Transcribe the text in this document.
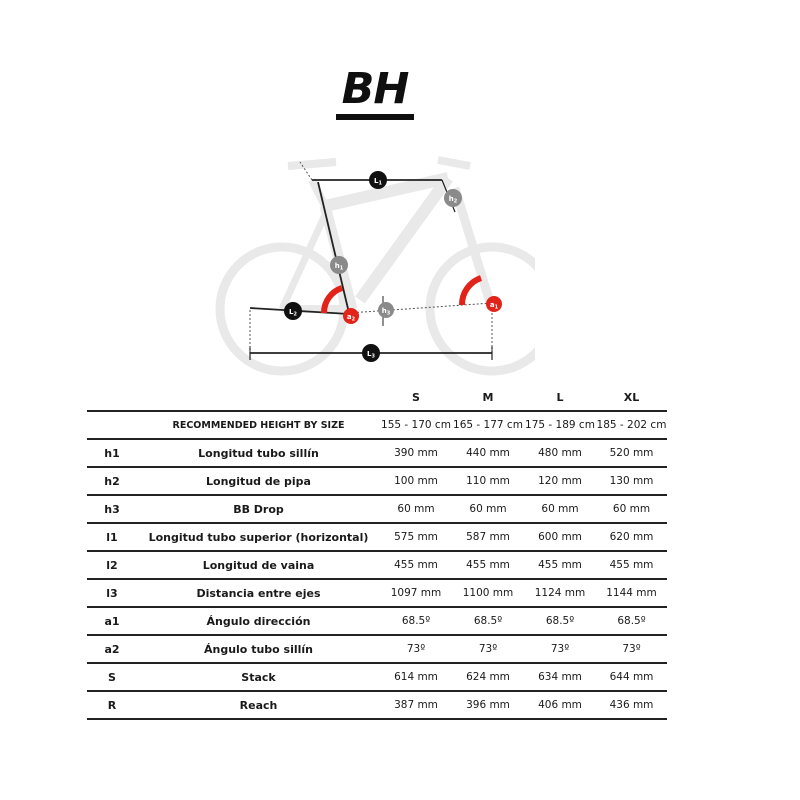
BH
$L_1$
$h_2$
$h_1$
$L_2$	$a_2$
$h_3$
$a_1$
$L_3$
		S	M	L	XL
	RECOMMENDED HEIGHT BY SIZE	155 - 170 cm	165 - 177 cm	175 - 189 cm	185 - 202 cm
h1	Longitud tubo sillín	390 mm	440 mm	480 mm	520 mm
h2	Longitud de pipa	100 mm	110 mm	120 mm	130 mm
h3	BB Drop	60 mm	60 mm	60 mm	60 mm
l1	Longitud tubo superior (horizontal)	575 mm	587 mm	600 mm	620 mm
l2	Longitud de vaina	455 mm	455 mm	455 mm	455 mm
l3	Distancia entre ejes	1097 mm	1100 mm	1124 mm	1144 mm
a1	Ángulo dirección	68.5º	68.5º	68.5º	68.5º
a2	Ángulo tubo sillín	73º	73º	73º	73º
S	Stack	614 mm	624 mm	634 mm	644 mm
R	Reach	387 mm	396 mm	406 mm	436 mm
